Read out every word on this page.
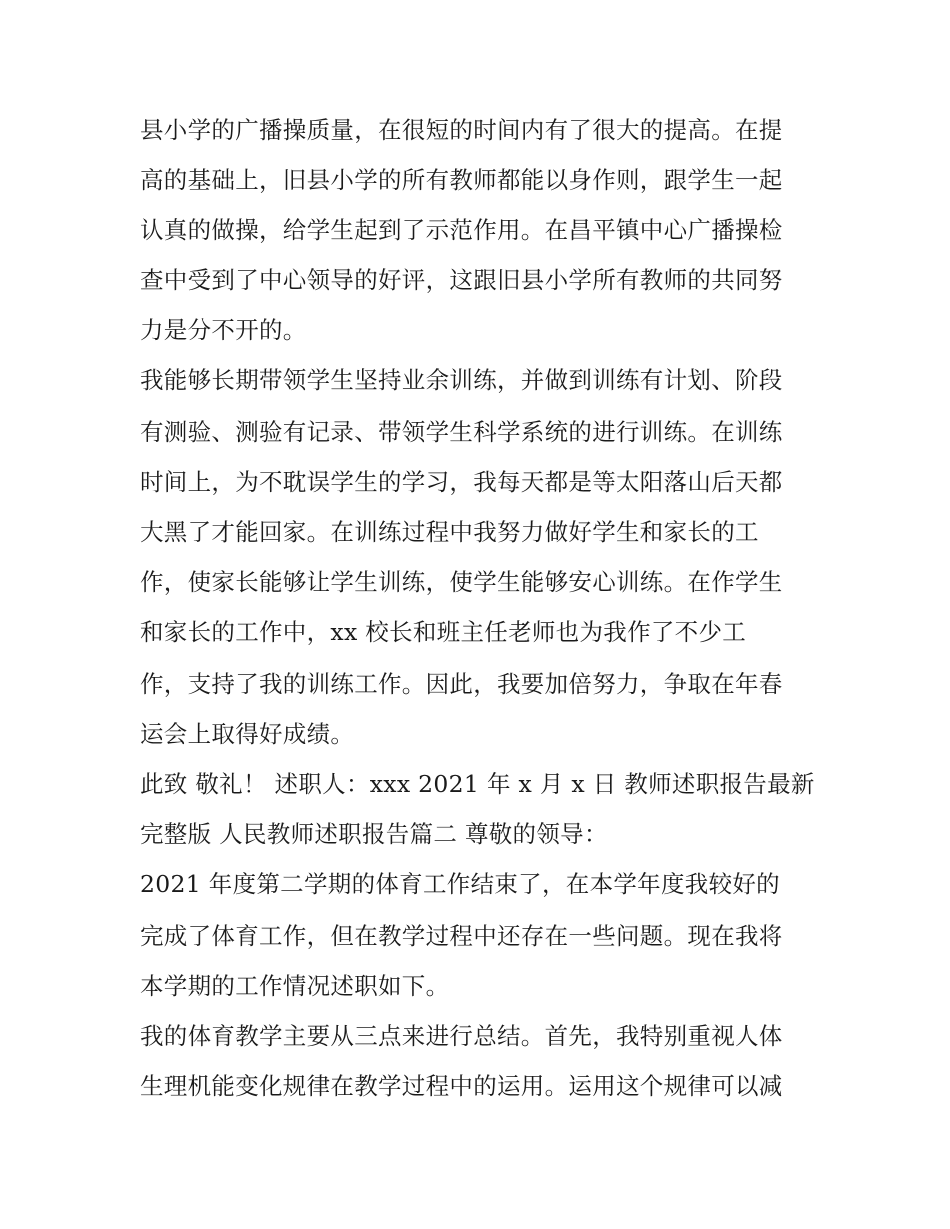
县小学的广播操质量，在很短的时间内有了很大的提高。在提
高的基础上，旧县小学的所有教师都能以身作则，跟学生一起
认真的做操，给学生起到了示范作用。在昌平镇中心广播操检
查中受到了中心领导的好评，这跟旧县小学所有教师的共同努
力是分不开的。
我能够长期带领学生坚持业余训练，并做到训练有计划、阶段
有测验、测验有记录、带领学生科学系统的进行训练。在训练
时间上，为不耽误学生的学习，我每天都是等太阳落山后天都
大黑了才能回家。在训练过程中我努力做好学生和家长的工
作，使家长能够让学生训练，使学生能够安心训练。在作学生
和家长的工作中，xx 校长和班主任老师也为我作了不少工
作，支持了我的训练工作。因此，我要加倍努力，争取在年春
运会上取得好成绩。
此致 敬礼！ 述职人：xxx 2021 年 x 月 x 日 教师述职报告最新
完整版 人民教师述职报告篇二 尊敬的领导：
2021 年度第二学期的体育工作结束了，在本学年度我较好的
完成了体育工作，但在教学过程中还存在一些问题。现在我将
本学期的工作情况述职如下。
我的体育教学主要从三点来进行总结。首先，我特别重视人体
生理机能变化规律在教学过程中的运用。运用这个规律可以减
